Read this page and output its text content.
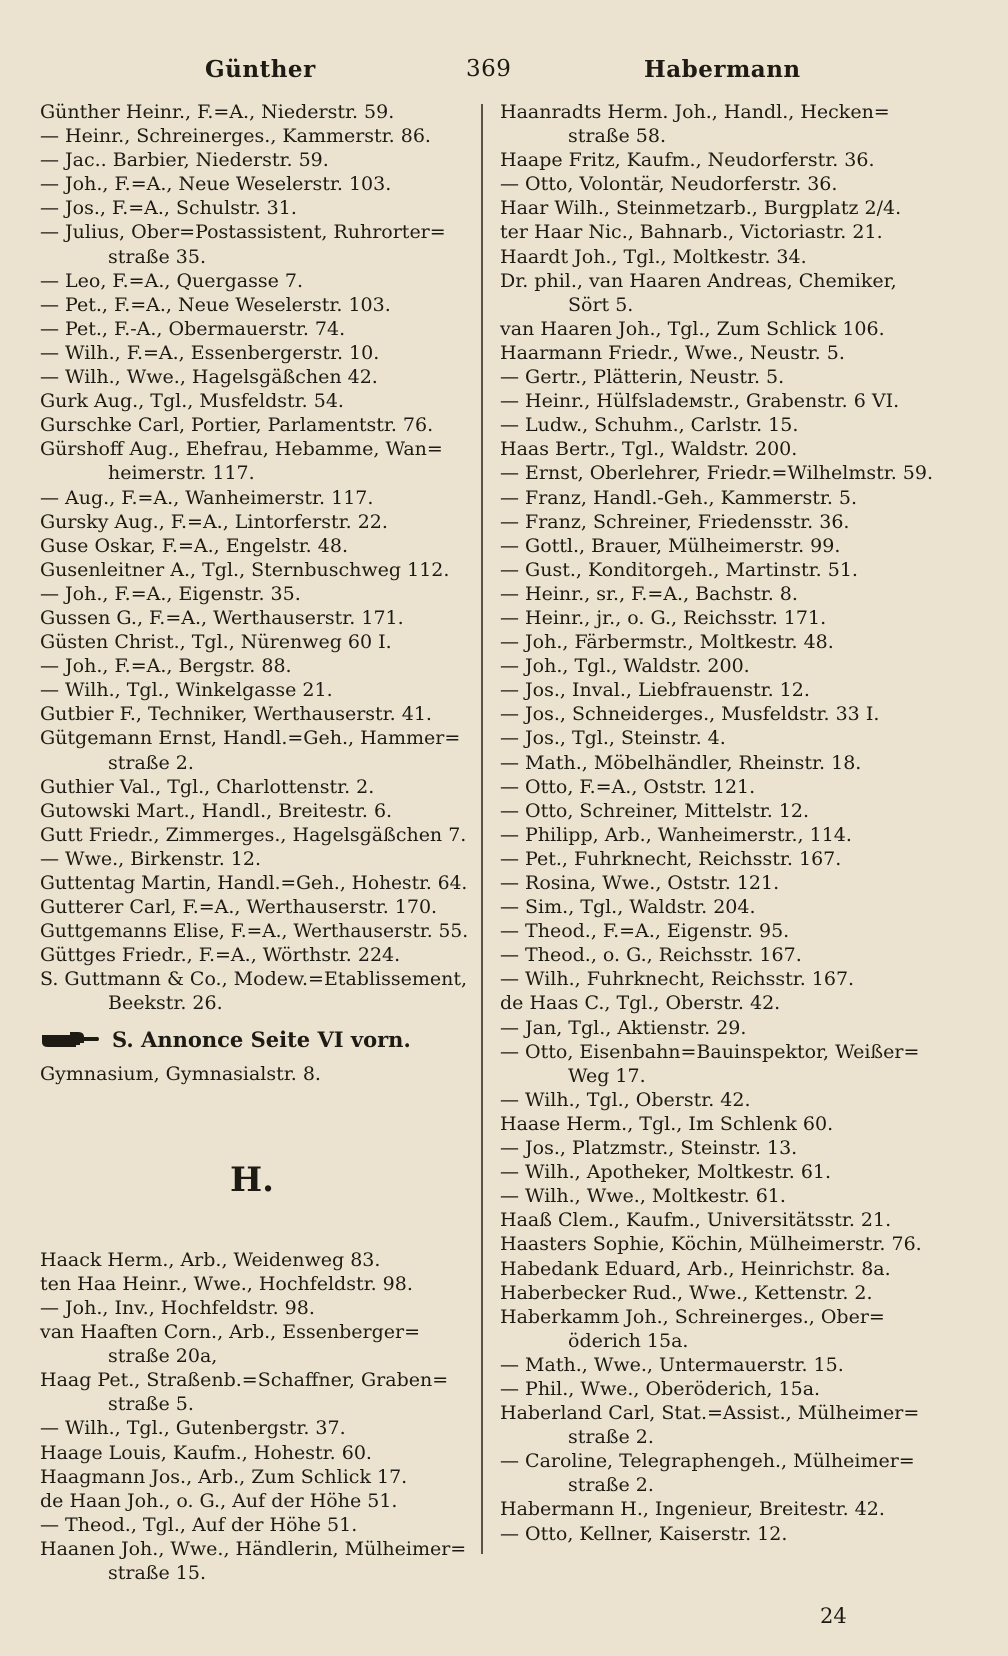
Günther	369	Habermann
Günther Heinr., F.=A., Niederstr. 59.
— Heinr., Schreinerges., Kammerstr. 86.
— Jac.. Barbier, Niederstr. 59.
— Joh., F.=A., Neue Weselerstr. 103.
— Jos., F.=A., Schulstr. 31.
— Julius, Ober=Postassistent, Ruhrorter=
straße 35.
— Leo, F.=A., Quergasse 7.
— Pet., F.=A., Neue Weselerstr. 103.
— Pet., F.-A., Obermauerstr. 74.
— Wilh., F.=A., Essenbergerstr. 10.
— Wilh., Wwe., Hagelsgäßchen 42.
Gurk Aug., Tgl., Musfeldstr. 54.
Gurschke Carl, Portier, Parlamentstr. 76.
Gürshoff Aug., Ehefrau, Hebamme, Wan=
heimerstr. 117.
— Aug., F.=A., Wanheimerstr. 117.
Gursky Aug., F.=A., Lintorferstr. 22.
Guse Oskar, F.=A., Engelstr. 48.
Gusenleitner A., Tgl., Sternbuschweg 112.
— Joh., F.=A., Eigenstr. 35.
Gussen G., F.=A., Werthauserstr. 171.
Güsten Christ., Tgl., Nürenweg 60 I.
— Joh., F.=A., Bergstr. 88.
— Wilh., Tgl., Winkelgasse 21.
Gutbier F., Techniker, Werthauserstr. 41.
Gütgemann Ernst, Handl.=Geh., Hammer=
straße 2.
Guthier Val., Tgl., Charlottenstr. 2.
Gutowski Mart., Handl., Breitestr. 6.
Gutt Friedr., Zimmerges., Hagelsgäßchen 7.
— Wwe., Birkenstr. 12.
Guttentag Martin, Handl.=Geh., Hohestr. 64.
Gutterer Carl, F.=A., Werthauserstr. 170.
Guttgemanns Elise, F.=A., Werthauserstr. 55.
Güttges Friedr., F.=A., Wörthstr. 224.
S. Guttmann & Co., Modew.=Etablissement,
Beekstr. 26.
S. Annonce Seite VI vorn.
Gymnasium, Gymnasialstr. 8.
H.
Haack Herm., Arb., Weidenweg 83.
ten Haa Heinr., Wwe., Hochfeldstr. 98.
— Joh., Inv., Hochfeldstr. 98.
van Haaften Corn., Arb., Essenberger=
straße 20a,
Haag Pet., Straßenb.=Schaffner, Graben=
straße 5.
— Wilh., Tgl., Gutenbergstr. 37.
Haage Louis, Kaufm., Hohestr. 60.
Haagmann Jos., Arb., Zum Schlick 17.
de Haan Joh., o. G., Auf der Höhe 51.
— Theod., Tgl., Auf der Höhe 51.
Haanen Joh., Wwe., Händlerin, Mülheimer=
straße 15.
Haanradts Herm. Joh., Handl., Hecken=
straße 58.
Haape Fritz, Kaufm., Neudorferstr. 36.
— Otto, Volontär, Neudorferstr. 36.
Haar Wilh., Steinmetzarb., Burgplatz 2/4.
ter Haar Nic., Bahnarb., Victoriastr. 21.
Haardt Joh., Tgl., Moltkestr. 34.
Dr. phil., van Haaren Andreas, Chemiker,
Sört 5.
van Haaren Joh., Tgl., Zum Schlick 106.
Haarmann Friedr., Wwe., Neustr. 5.
— Gertr., Plätterin, Neustr. 5.
— Heinr., Hülfsladемstr., Grabenstr. 6 VI.
— Ludw., Schuhm., Carlstr. 15.
Haas Bertr., Tgl., Waldstr. 200.
— Ernst, Oberlehrer, Friedr.=Wilhelmstr. 59.
— Franz, Handl.-Geh., Kammerstr. 5.
— Franz, Schreiner, Friedensstr. 36.
— Gottl., Brauer, Mülheimerstr. 99.
— Gust., Konditorgeh., Martinstr. 51.
— Heinr., sr., F.=A., Bachstr. 8.
— Heinr., jr., o. G., Reichsstr. 171.
— Joh., Färbermstr., Moltkestr. 48.
— Joh., Tgl., Waldstr. 200.
— Jos., Inval., Liebfrauenstr. 12.
— Jos., Schneiderges., Musfeldstr. 33 I.
— Jos., Tgl., Steinstr. 4.
— Math., Möbelhändler, Rheinstr. 18.
— Otto, F.=A., Oststr. 121.
— Otto, Schreiner, Mittelstr. 12.
— Philipp, Arb., Wanheimerstr., 114.
— Pet., Fuhrknecht, Reichsstr. 167.
— Rosina, Wwe., Oststr. 121.
— Sim., Tgl., Waldstr. 204.
— Theod., F.=A., Eigenstr. 95.
— Theod., o. G., Reichsstr. 167.
— Wilh., Fuhrknecht, Reichsstr. 167.
de Haas C., Tgl., Oberstr. 42.
— Jan, Tgl., Aktienstr. 29.
— Otto, Eisenbahn=Bauinspektor, Weißer=
Weg 17.
— Wilh., Tgl., Oberstr. 42.
Haase Herm., Tgl., Im Schlenk 60.
— Jos., Platzmstr., Steinstr. 13.
— Wilh., Apotheker, Moltkestr. 61.
— Wilh., Wwe., Moltkestr. 61.
Haaß Clem., Kaufm., Universitätsstr. 21.
Haasters Sophie, Köchin, Mülheimerstr. 76.
Habedank Eduard, Arb., Heinrichstr. 8a.
Haberbecker Rud., Wwe., Kettenstr. 2.
Haberkamm Joh., Schreinerges., Ober=
öderich 15a.
— Math., Wwe., Untermauerstr. 15.
— Phil., Wwe., Oberöderich, 15a.
Haberland Carl, Stat.=Assist., Mülheimer=
straße 2.
— Caroline, Telegraphengeh., Mülheimer=
straße 2.
Habermann H., Ingenieur, Breitestr. 42.
— Otto, Kellner, Kaiserstr. 12.
24
